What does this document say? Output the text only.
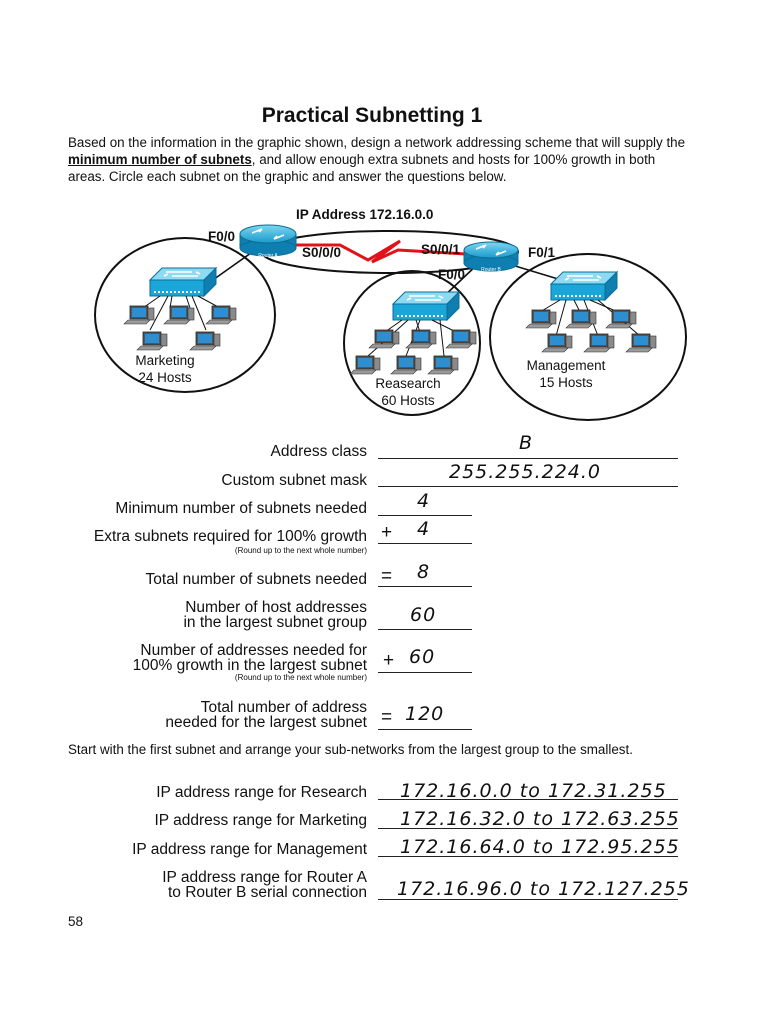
Practical Subnetting 1
Based on the information in the graphic shown, design a network addressing scheme that will supply the minimum number of subnets, and allow enough extra subnets and hosts for 100% growth in both areas. Circle each subnet on the graphic and answer the questions below.
IP Address 172.16.0.0
Router A
Router B
F0/0
S0/0/0	S0/0/1
F0/0
F0/1
Marketing
24 Hosts	Reasearch
60 Hosts
Management
15 Hosts
Address class	B
Custom subnet mask	255.255.224.0
Minimum number of subnets needed	4
Extra subnets required for 100% growth
(Round up to the next whole number)
+ 4
Total number of subnets needed = 8
Number of host addresses
in the largest subnet group 60
Number of addresses needed for
100% growth in the largest subnet
(Round up to the next whole number)
+ 60
Total number of address
needed for the largest subnet = 120
Start with the first subnet and arrange your sub-networks from the largest group to the smallest.
IP address range for Research 172.16.0.0 to 172.31.255
IP address range for Marketing 172.16.32.0 to 172.63.255
IP address range for Management 172.16.64.0 to 172.95.255
IP address range for Router A
to Router B serial connection 172.16.96.0 to 172.127.255
58
